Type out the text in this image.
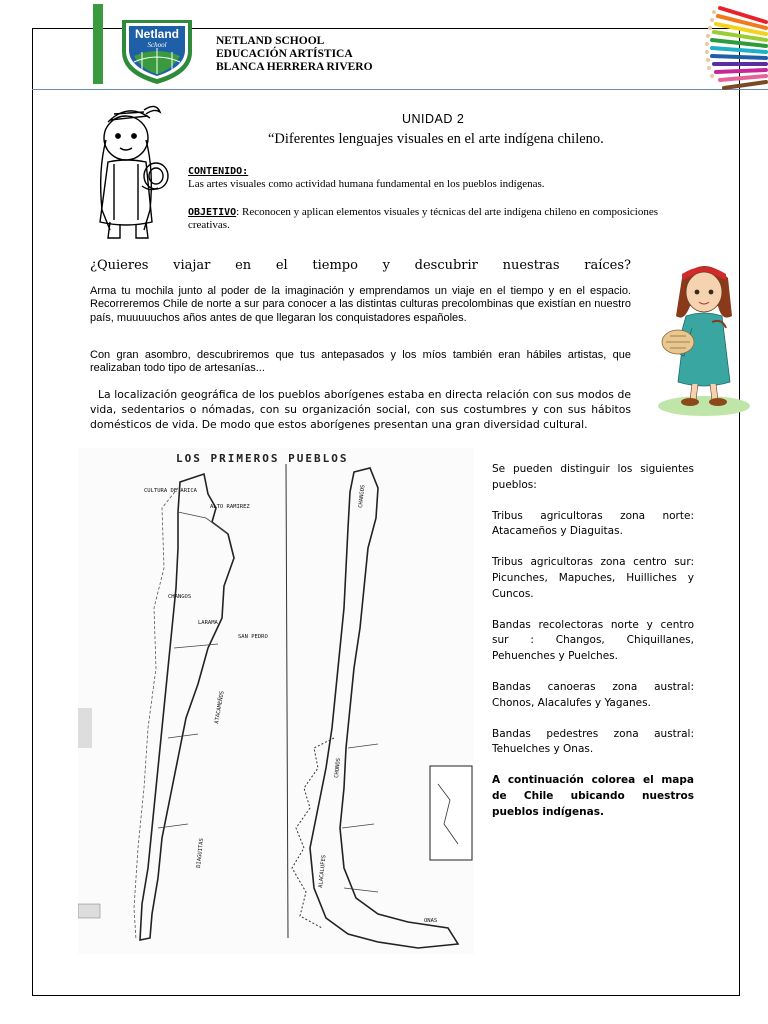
Netland
School	NETLAND SCHOOL
EDUCACIÓN ARTÍSTICA
BLANCA HERRERA RIVERO
UNIDAD 2
“Diferentes lenguajes visuales en el arte indígena chileno.
CONTENIDO:
Las artes visuales como actividad humana fundamental en los pueblos indígenas.
OBJETIVO: Reconocen y aplican elementos visuales y técnicas del arte indígena chileno en composiciones creativas.
¿Quieres viajar en el tiempo y descubrir nuestras raíces?
Arma tu mochila junto al poder de la imaginación y emprendamos un viaje en el tiempo y en el espacio. Recorreremos Chile de norte a sur para conocer a las distintas culturas precolombinas que existían en nuestro país, muuuuuchos años antes de que llegaran los conquistadores españoles.
Con gran asombro, descubriremos que tus antepasados y los míos también eran hábiles artistas, que realizaban todo tipo de artesanías...
La localización geográfica de los pueblos aborígenes estaba en directa relación con sus modos de vida, sedentarios o nómadas, con su organización social, con sus costumbres y con sus hábitos domésticos de vida. De modo que estos aborígenes presentan una gran diversidad cultural.
LOS PRIMEROS PUEBLOS
CULTURA DE ARICA
ALTO RAMIREZ
CHANGOS
LARAMA
SAN PEDRO
ATACAMEÑOS
DIAGUITAS
CHANGOS
CHONOS
ALACALUFES
ONAS

Se pueden distinguir los siguientes pueblos:

Tribus agricultoras zona norte: Atacameños y Diaguitas.

Tribus agricultoras zona centro sur: Picunches, Mapuches, Huilliches y Cuncos.

Bandas recolectoras norte y centro sur : Changos, Chiquillanes, Pehuenches y Puelches.

Bandas canoeras zona austral: Chonos, Alacalufes y Yaganes.

Bandas pedestres zona austral: Tehuelches y Onas.

A continuación colorea el mapa de Chile ubicando nuestros pueblos indígenas.
